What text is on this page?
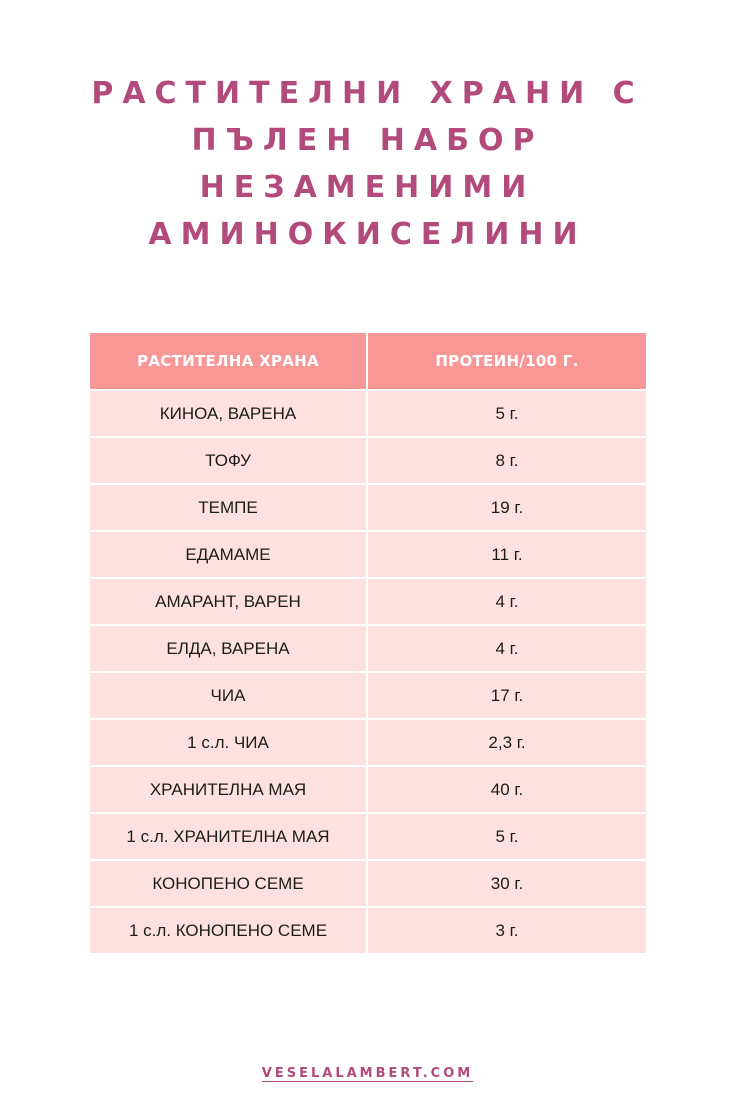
РАСТИТЕЛНИ ХРАНИ С
ПЪЛЕН НАБОР
НЕЗАМЕНИМИ
АМИНОКИСЕЛИНИ
РАСТИТЕЛНА ХРАНА	ПРОТЕИН/100 Г.
КИНОА, ВАРЕНА	5 г.
ТОФУ	8 г.
ТЕМПЕ	19 г.
ЕДАМАМЕ	11 г.
АМАРАНТ, ВАРЕН	4 г.
ЕЛДА, ВАРЕНА	4 г.
ЧИА	17 г.
1 с.л. ЧИА	2,3 г.
ХРАНИТЕЛНА МАЯ	40 г.
1 с.л. ХРАНИТЕЛНА МАЯ	5 г.
КОНОПЕНО СЕМЕ	30 г.
1 с.л. КОНОПЕНО СЕМЕ	3 г.
VESELALAMBERT.COM
